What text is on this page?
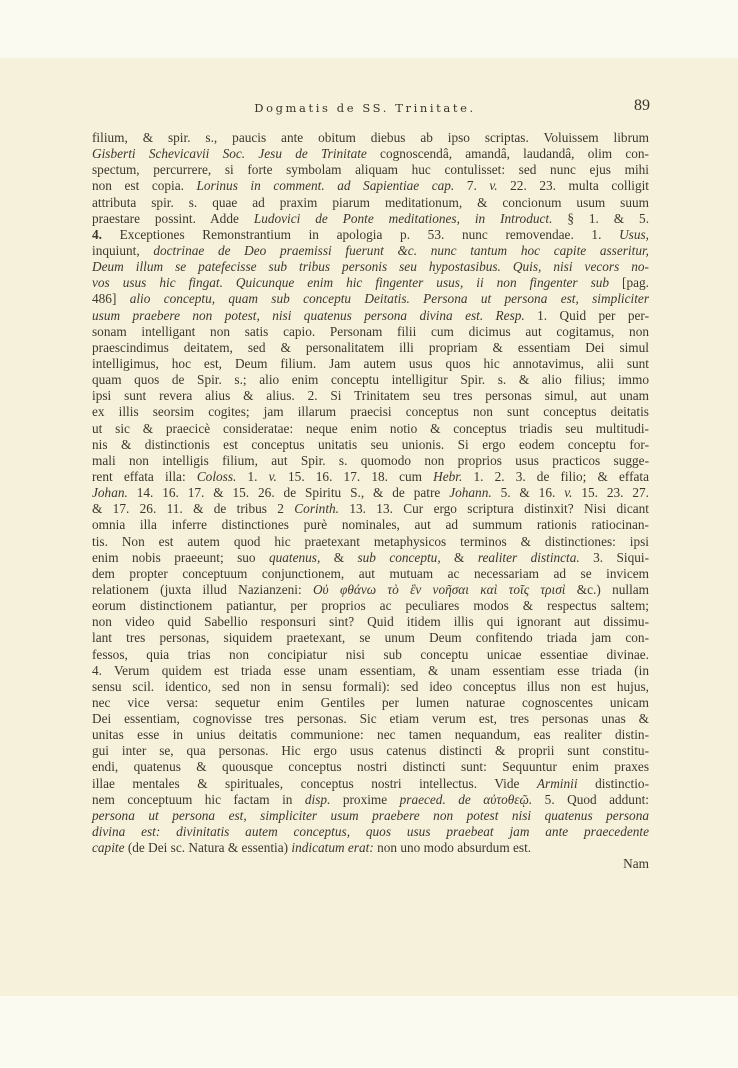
Dogmatis de SS. Trinitate.	89
filium, & spir. s., paucis ante obitum diebus ab ipso scriptas. Voluissem librum
Gisberti Schevicavii Soc. Jesu de Trinitate cognoscendâ, amandâ, laudandâ, olim con-
spectum, percurrere, si forte symbolam aliquam huc contulisset: sed nunc ejus mihi
non est copia. Lorinus in comment. ad Sapientiae cap. 7. v. 22. 23. multa colligit
attributa spir. s. quae ad praxim piarum meditationum, & concionum usum suum
praestare possint. Adde Ludovici de Ponte meditationes, in Introduct. § 1. & 5.
4. Exceptiones Remonstrantium in apologia p. 53. nunc removendae. 1. Usus,
inquiunt, doctrinae de Deo praemissi fuerunt &c. nunc tantum hoc capite asseritur,
Deum illum se patefecisse sub tribus personis seu hypostasibus. Quis, nisi vecors no-
vos usus hic fingat. Quicunque enim hic fingenter usus, ii non fingenter sub [pag.
486] alio conceptu, quam sub conceptu Deitatis. Persona ut persona est, simpliciter
usum praebere non potest, nisi quatenus persona divina est. Resp. 1. Quid per per-
sonam intelligant non satis capio. Personam filii cum dicimus aut cogitamus, non
praescindimus deitatem, sed & personalitatem illi propriam & essentiam Dei simul
intelligimus, hoc est, Deum filium. Jam autem usus quos hic annotavimus, alii sunt
quam quos de Spir. s.; alio enim conceptu intelligitur Spir. s. & alio filius; immo
ipsi sunt revera alius & alius. 2. Si Trinitatem seu tres personas simul, aut unam
ex illis seorsim cogites; jam illarum praecisi conceptus non sunt conceptus deitatis
ut sic & praecicè consideratae: neque enim notio & conceptus triadis seu multitudi-
nis & distinctionis est conceptus unitatis seu unionis. Si ergo eodem conceptu for-
mali non intelligis filium, aut Spir. s. quomodo non proprios usus practicos sugge-
rent effata illa: Coloss. 1. v. 15. 16. 17. 18. cum Hebr. 1. 2. 3. de filio; & effata
Johan. 14. 16. 17. & 15. 26. de Spiritu S., & de patre Johann. 5. & 16. v. 15. 23. 27.
& 17. 26. 11. & de tribus 2 Corinth. 13. 13. Cur ergo scriptura distinxit? Nisi dicant
omnia illa inferre distinctiones purè nominales, aut ad summum rationis ratiocinan-
tis. Non est autem quod hic praetexant metaphysicos terminos & distinctiones: ipsi
enim nobis praeeunt; suo quatenus, & sub conceptu, & realiter distincta. 3. Siqui-
dem propter conceptuum conjunctionem, aut mutuam ac necessariam ad se invicem
relationem (juxta illud Nazianzeni: Οὐ φθάνω τὸ ἓν νοῆσαι καὶ τοῖς τρισὶ &c.) nullam
eorum distinctionem patiantur, per proprios ac peculiares modos & respectus saltem;
non video quid Sabellio responsuri sint? Quid itidem illis qui ignorant aut dissimu-
lant tres personas, siquidem praetexant, se unum Deum confitendo triada jam con-
fessos, quia trias non concipiatur nisi sub conceptu unicae essentiae divinae.
4. Verum quidem est triada esse unam essentiam, & unam essentiam esse triada (in
sensu scil. identico, sed non in sensu formali): sed ideo conceptus illus non est hujus,
nec vice versa: sequetur enim Gentiles per lumen naturae cognoscentes unicam
Dei essentiam, cognovisse tres personas. Sic etiam verum est, tres personas unas &
unitas esse in unius deitatis communione: nec tamen nequandum, eas realiter distin-
gui inter se, qua personas. Hic ergo usus catenus distincti & proprii sunt constitu-
endi, quatenus & quousque conceptus nostri distincti sunt: Sequuntur enim praxes
illae mentales & spirituales, conceptus nostri intellectus. Vide Arminii distinctio-
nem conceptuum hic factam in disp. proxime praeced. de αὐτοθεῷ. 5. Quod addunt:
persona ut persona est, simpliciter usum praebere non potest nisi quatenus persona
divina est: divinitatis autem conceptus, quos usus praebeat jam ante praecedente
capite (de Dei sc. Natura & essentia) indicatum erat: non uno modo absurdum est.
Nam
